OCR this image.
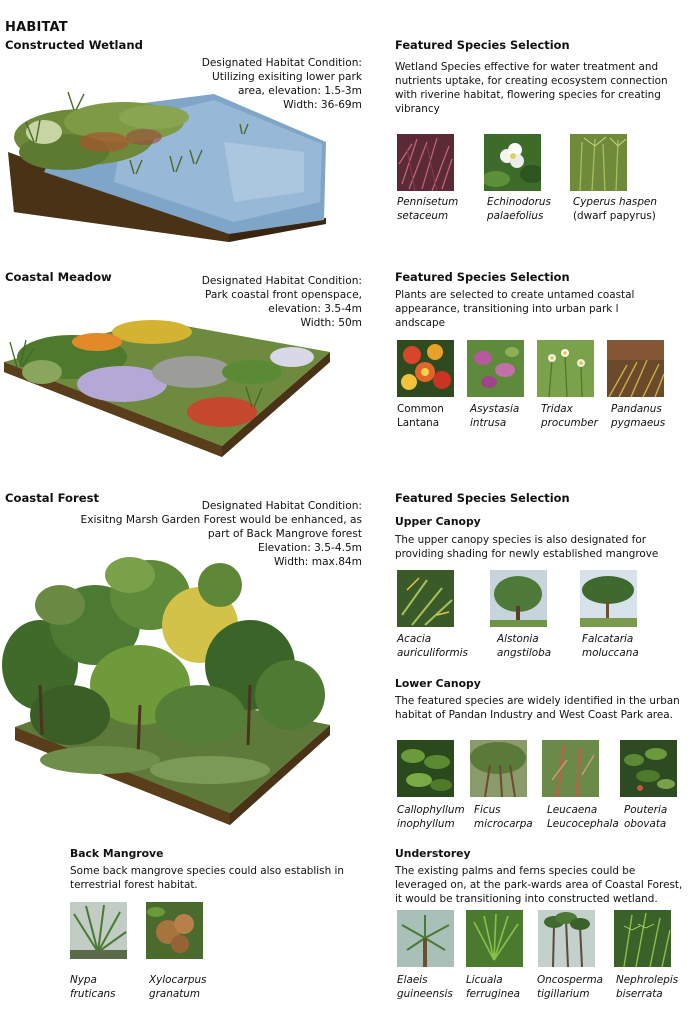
HABITAT
Constructed Wetland
Designated Habitat Condition:
Utilizing exisiting lower park
area, elevation: 1.5-3m
Width: 36-69m
Featured Species Selection
Wetland Species effective for water treatment and nutrients uptake, for creating ecosystem connection with riverine habitat, flowering species for creating vibrancy
Pennisetum
setaceum
Echinodorus
palaefolius
Cyperus haspen
(dwarf papyrus)
Coastal Meadow	Designated Habitat Condition:
Park coastal front openspace,
elevation: 3.5-4m
Width: 50m
Featured Species Selection
Plants are selected to create untamed coastal appearance, transitioning into urban park l andscape
Common
Lantana
Asystasia
intrusa
Tridax
procumber
Pandanus
pygmaeus
Coastal Forest
Designated Habitat Condition:
Exisitng Marsh Garden Forest would be enhanced, as
part of Back Mangrove forest
Elevation: 3.5-4.5m
Width: max.84m
Featured Species Selection
Upper Canopy
The upper canopy species is also designated for providing shading for newly established mangrove
Acacia
auriculiformis
Alstonia
angstiloba
Falcataria
moluccana
Lower Canopy
The featured species are widely identified in the urban habitat of Pandan Industry and West Coast Park area.
Callophyllum
inophyllum
Ficus
microcarpa
Leucaena
Leucocephala
Pouteria
obovata
Understorey
The existing palms and ferns species could be leveraged on, at the park-wards area of Coastal Forest, it would be transitioning into constructed wetland.
Elaeis
guineensis
Licuala
ferruginea
Oncosperma
tigillarium
Nephrolepis
biserrata
Back Mangrove
Some back mangrove species could also establish in terrestrial forest habitat.
Nypa
fruticans
Xylocarpus
granatum
